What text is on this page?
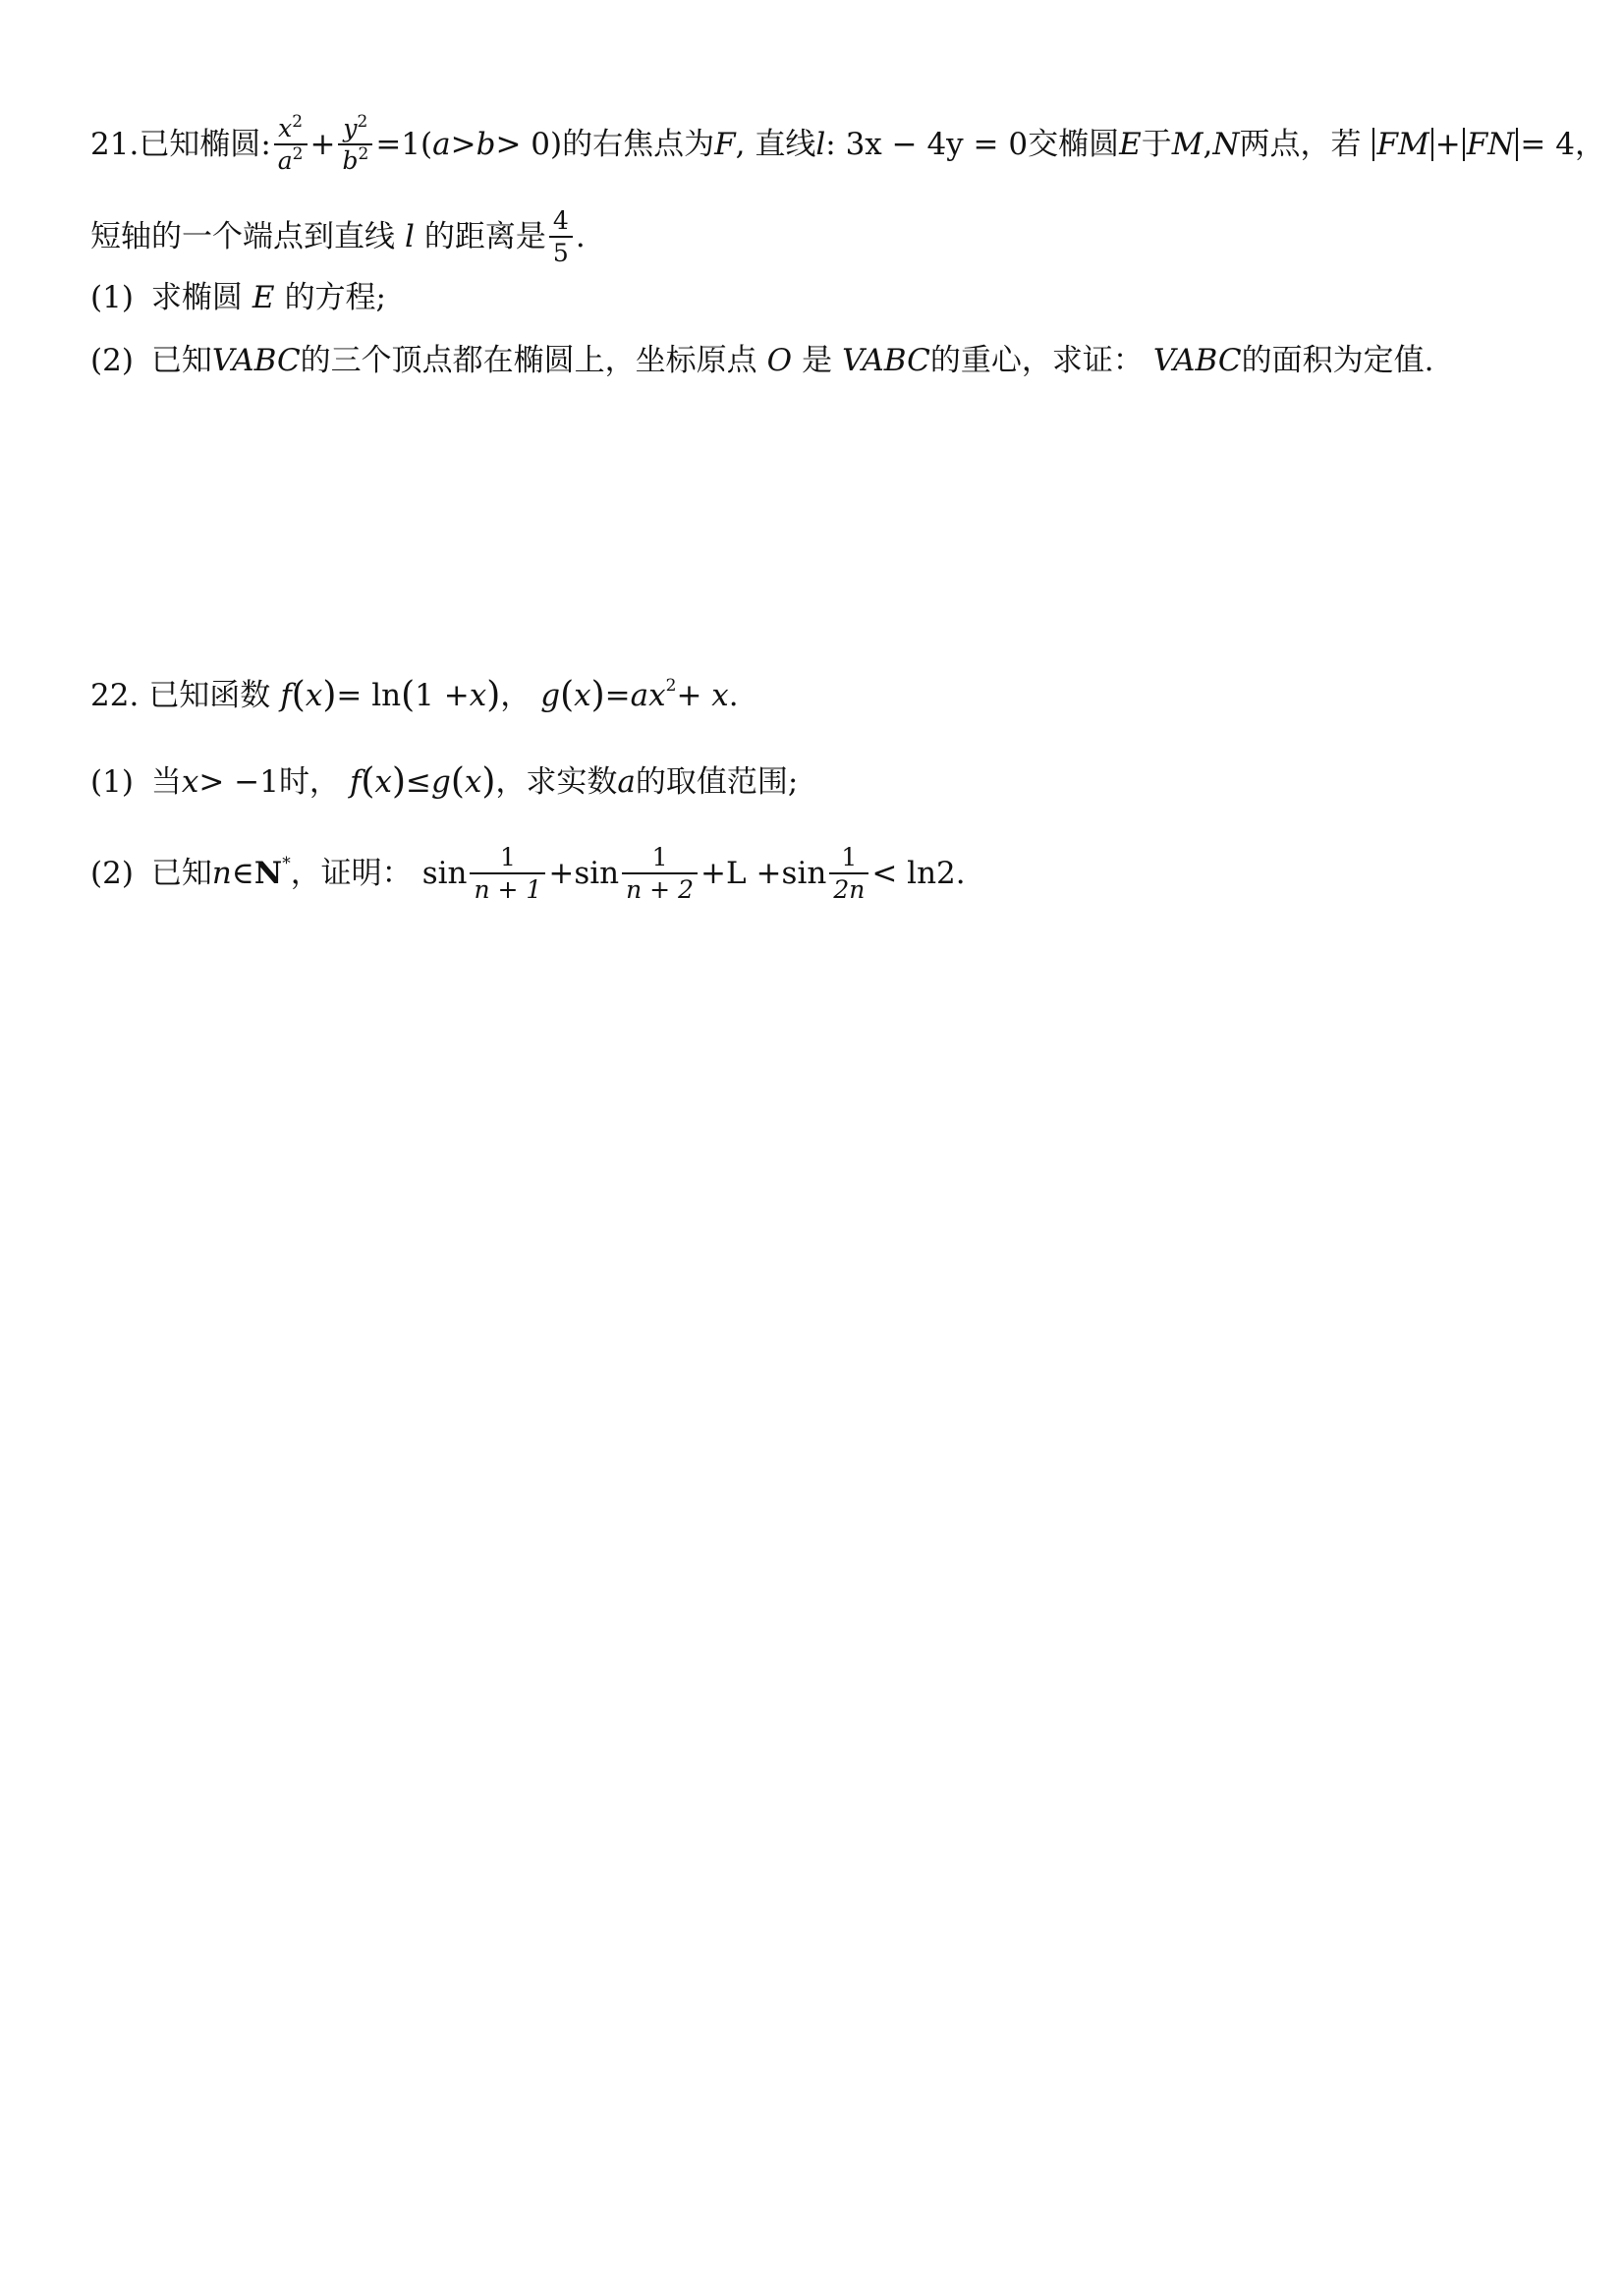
21. 已知椭圆 : $\frac{x^2}{a^2} + \frac{y^2}{b^2} =1$( a > b > 0) 的右焦点为 F , 直线 l : 3x − 4y = 0 交椭圆 E 于 M , N 两点，若 FM + FN = 4 ，
短轴的一个端点到直线 l 的距离是 $\frac{4}{5}$ .
(1) 求椭圆 E 的方程;
(2) 已知 VABC 的三个顶点都在椭圆上，坐标原点 O 是 VABC 的重心，求证： VABC 的面积为定值.
22. 已知函数 f ( x ) = ln ( 1 + x ) ， g ( x ) = ax 2 + x .
(1) 当 x > −1 时， f ( x ) ≤ g ( x ) ，求实数 a 的取值范围;
(2) 已知 n ∈ N * ，证明： $\sin \frac{1}{n + 1} + \sin \frac{1}{n + 2} +L + \sin \frac{1}{2n} < \ln 2$ .
